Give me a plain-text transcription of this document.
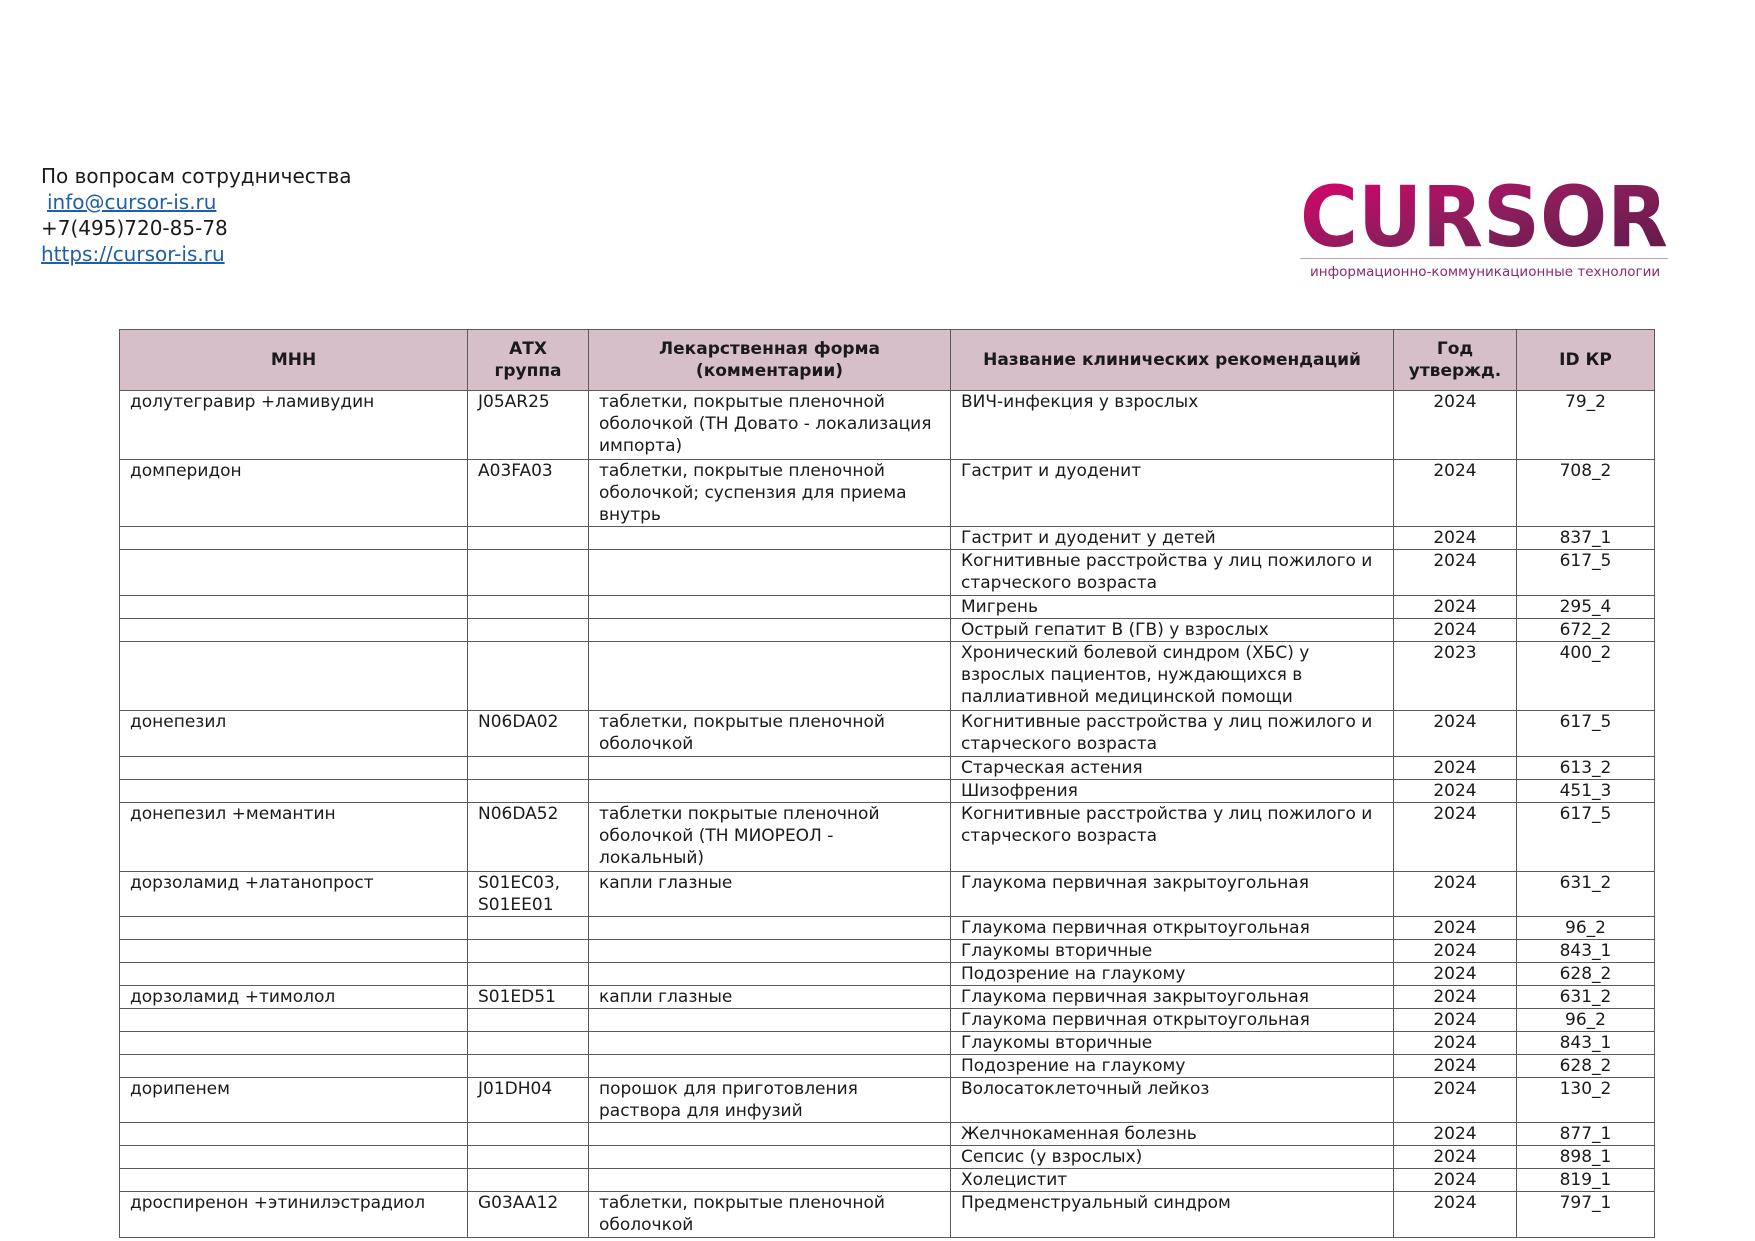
По вопросам сотрудничества
info@cursor-is.ru
+7(495)720-85-78
https://cursor-is.ru	CURSOR
информационно-коммуникационные технологии
МНН	АТХ группа	Лекарственная форма (комментарии)	Название клинических рекомендаций	Год утвержд.	ID КР
долутегравир +ламивудин	J05AR25	таблетки, покрытые пленочной оболочкой (ТН Довато - локализация импорта)	ВИЧ-инфекция у взрослых	2024	79_2
домперидон	A03FA03	таблетки, покрытые пленочной оболочкой; суспензия для приема внутрь	Гастрит и дуоденит	2024	708_2
			Гастрит и дуоденит у детей	2024	837_1
			Когнитивные расстройства у лиц пожилого и старческого возраста	2024	617_5
			Мигрень	2024	295_4
			Острый гепатит B (ГВ) у взрослых	2024	672_2
			Хронический болевой синдром (ХБС) у взрослых пациентов, нуждающихся в паллиативной медицинской помощи	2023	400_2
донепезил	N06DA02	таблетки, покрытые пленочной оболочкой	Когнитивные расстройства у лиц пожилого и старческого возраста	2024	617_5
			Старческая астения	2024	613_2
			Шизофрения	2024	451_3
донепезил +мемантин	N06DA52	таблетки покрытые пленочной оболочкой (ТН МИОРЕОЛ - локальный)	Когнитивные расстройства у лиц пожилого и старческого возраста	2024	617_5
дорзоламид +латанопрост	S01EC03, S01EE01	капли глазные	Глаукома первичная закрытоугольная	2024	631_2
			Глаукома первичная открытоугольная	2024	96_2
			Глаукомы вторичные	2024	843_1
			Подозрение на глаукому	2024	628_2
дорзоламид +тимолол	S01ED51	капли глазные	Глаукома первичная закрытоугольная	2024	631_2
			Глаукома первичная открытоугольная	2024	96_2
			Глаукомы вторичные	2024	843_1
			Подозрение на глаукому	2024	628_2
дорипенем	J01DH04	порошок для приготовления раствора для инфузий	Волосатоклеточный лейкоз	2024	130_2
			Желчнокаменная болезнь	2024	877_1
			Сепсис (у взрослых)	2024	898_1
			Холецистит	2024	819_1
дроспиренон +этинилэстрадиол	G03AA12	таблетки, покрытые пленочной оболочкой	Предменструальный синдром	2024	797_1
